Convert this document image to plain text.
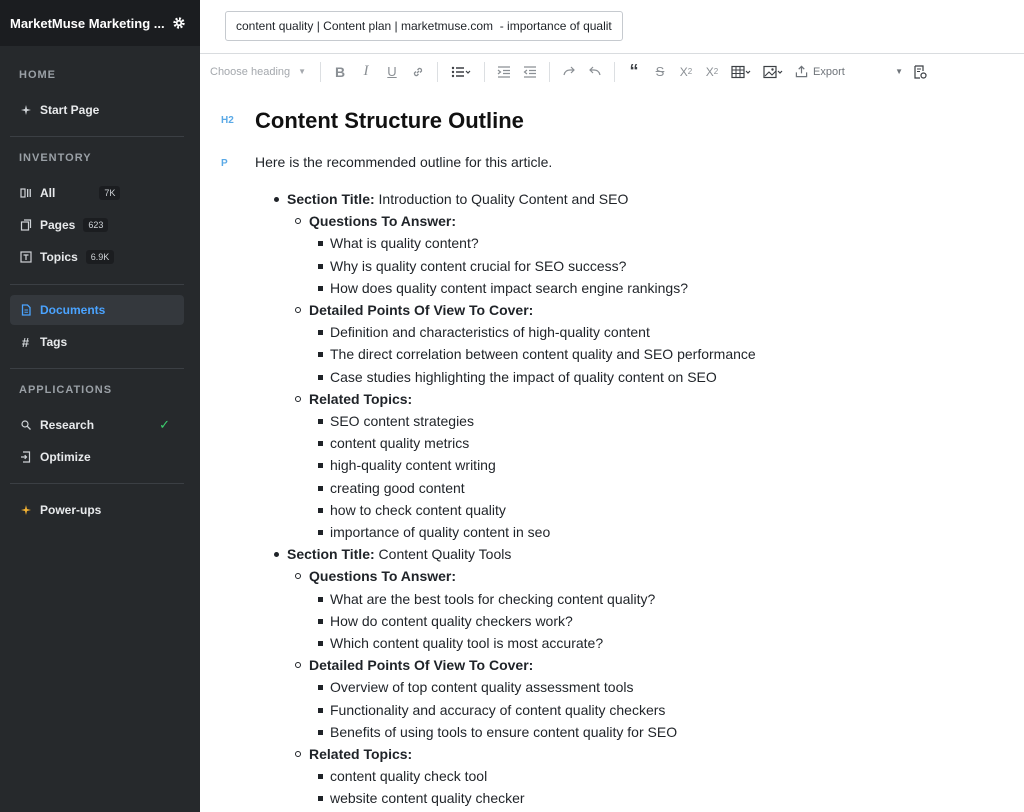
MarketMuse Marketing ...
HOME
Start Page
INVENTORY
All	7K
Pages	623
Topics	6.9K
Documents
# Tags
APPLICATIONS
Research	✓
Optimize
Power-ups
content quality | Content plan | marketmuse.com - importance of qualit
Choose heading ▼	B	I	U	“	S	X 2	X 2	Export	▼
H2 Content Structure Outline
P Here is the recommended outline for this article.
Section Title: Introduction to Quality Content and SEO
Questions To Answer:
What is quality content?
Why is quality content crucial for SEO success?
How does quality content impact search engine rankings?
Detailed Points Of View To Cover:
Definition and characteristics of high-quality content
The direct correlation between content quality and SEO performance
Case studies highlighting the impact of quality content on SEO
Related Topics:
SEO content strategies
content quality metrics
high-quality content writing
creating good content
how to check content quality
importance of quality content in seo
Section Title: Content Quality Tools
Questions To Answer:
What are the best tools for checking content quality?
How do content quality checkers work?
Which content quality tool is most accurate?
Detailed Points Of View To Cover:
Overview of top content quality assessment tools
Functionality and accuracy of content quality checkers
Benefits of using tools to ensure content quality for SEO
Related Topics:
content quality check tool
website content quality checker
